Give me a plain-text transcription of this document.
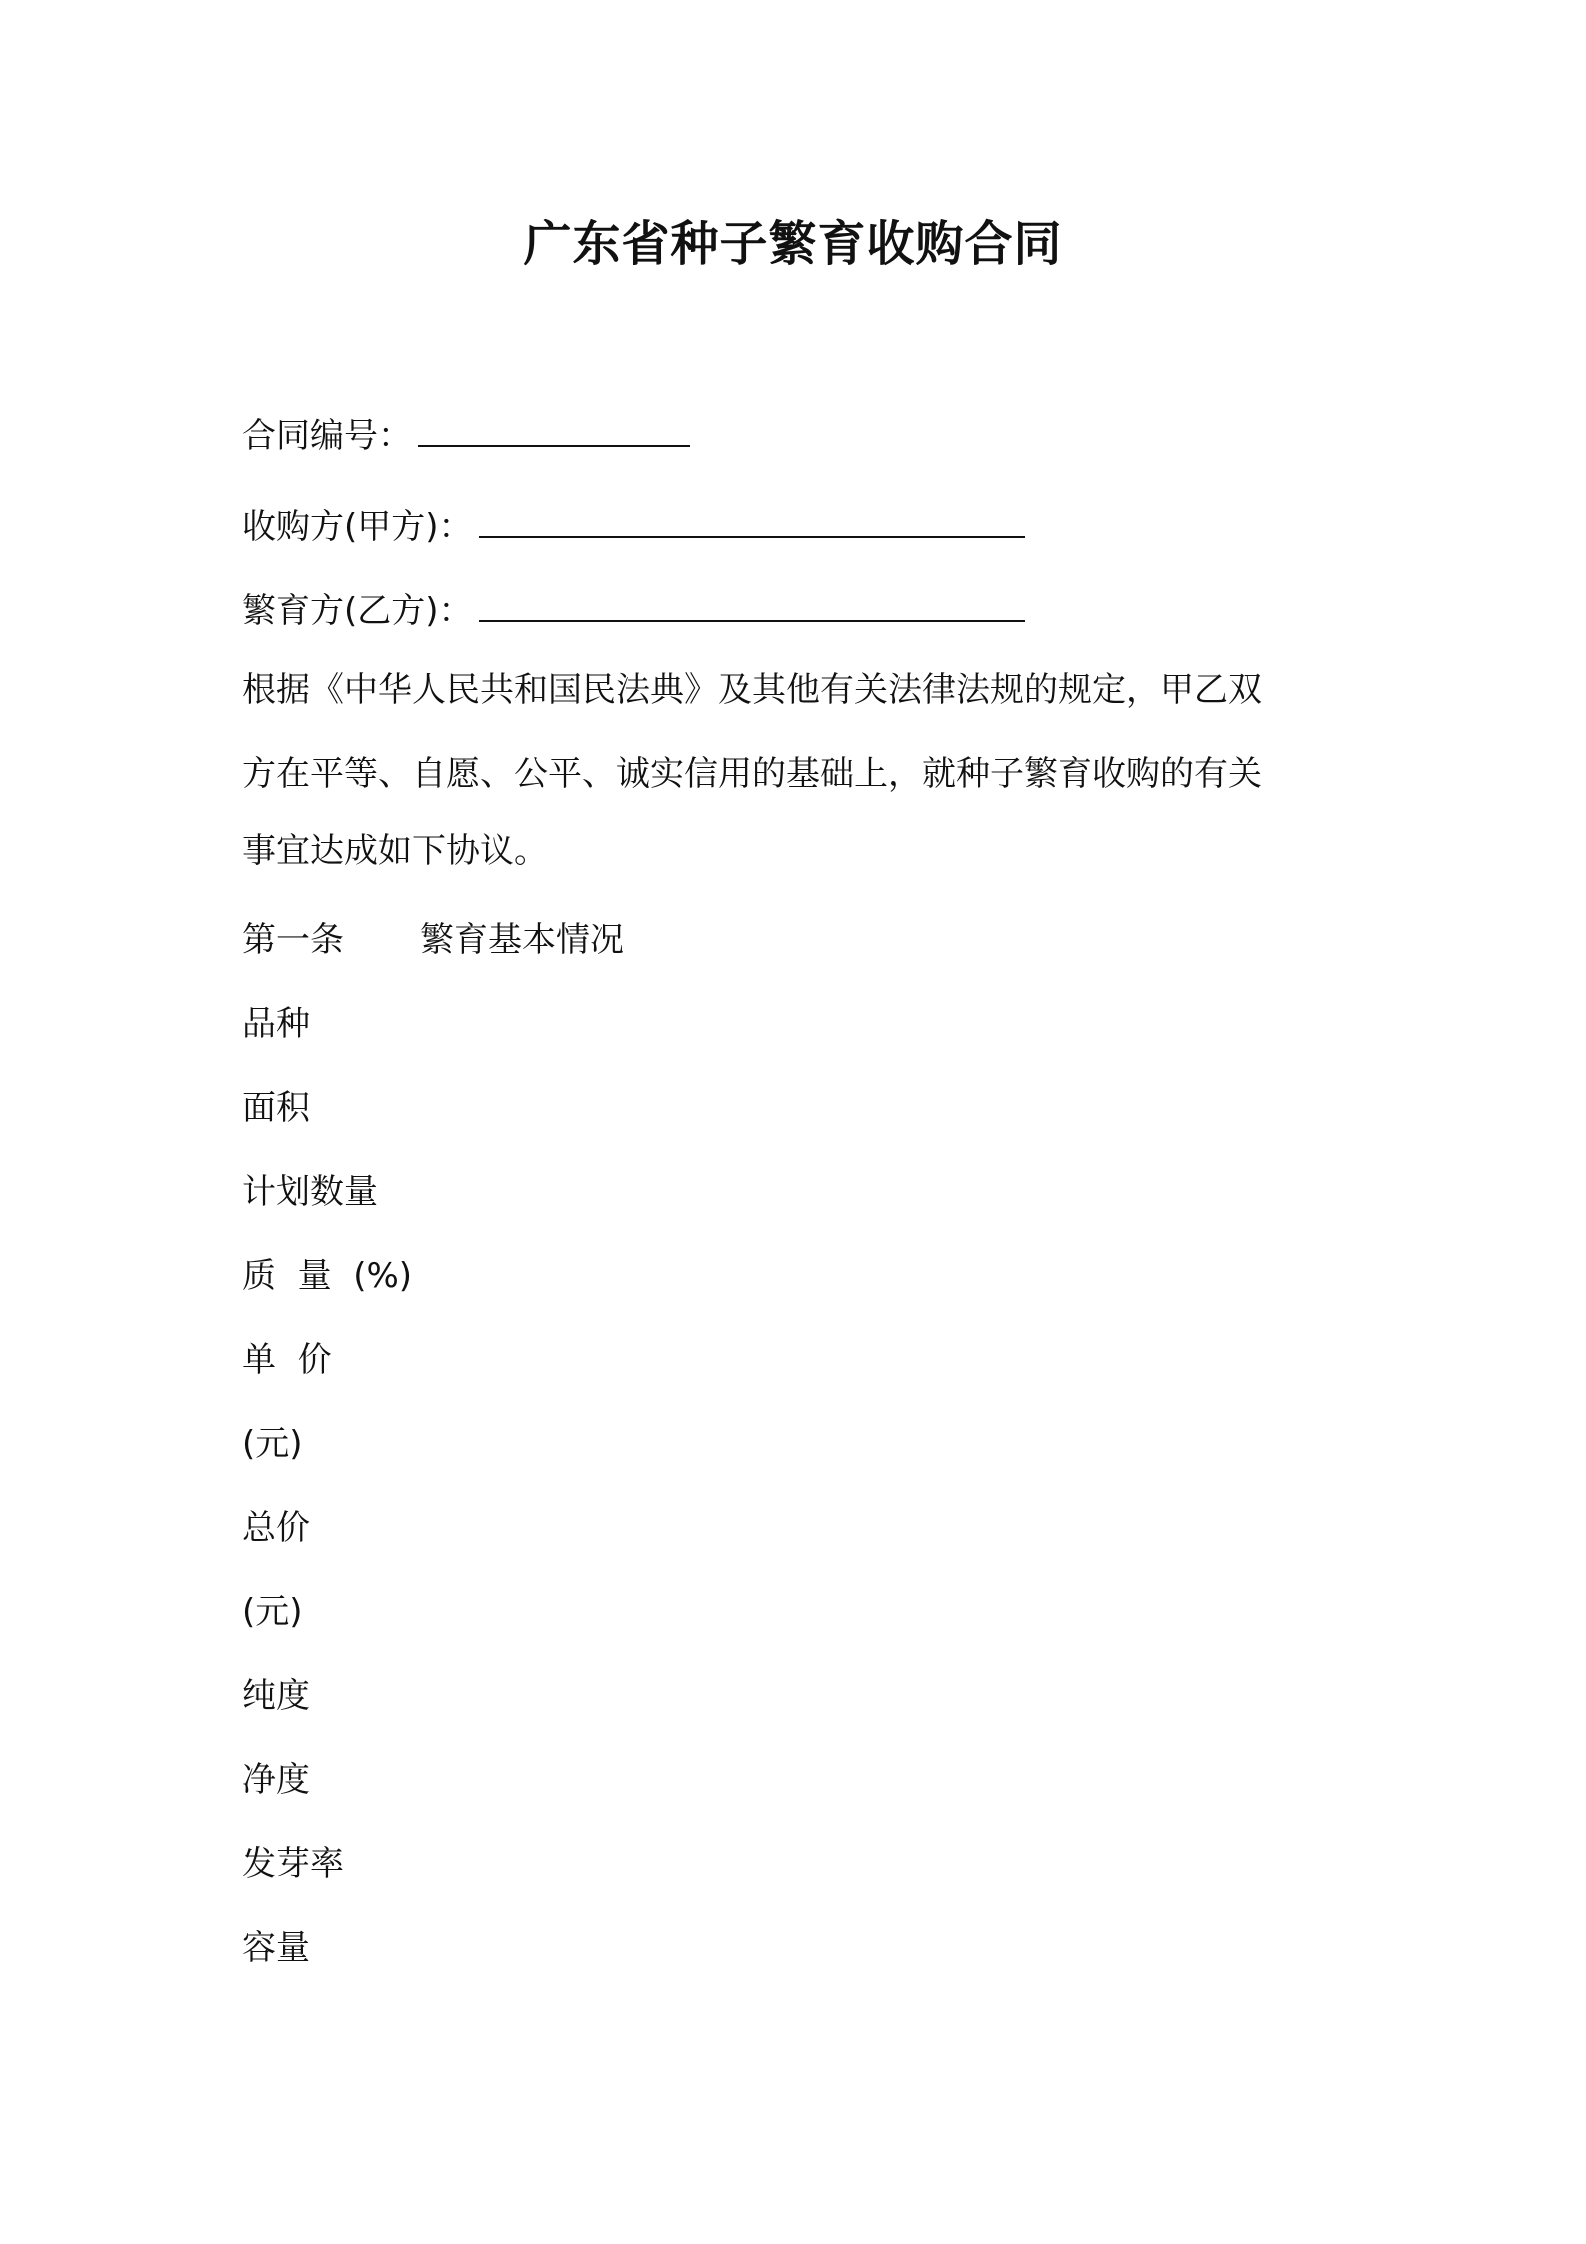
广东省种子繁育收购合同
合同编号：
收购方(甲方)：
繁育方(乙方)：
根据《中华人民共和国民法典》及其他有关法律法规的规定，甲乙双
方在平等、自愿、公平、诚实信用的基础上，就种子繁育收购的有关
事宜达成如下协议。
第一条 繁育基本情况
品种
面积
计划数量
质  量  (%)
单  价
(元)
总价
(元)
纯度
净度
发芽率
容量
